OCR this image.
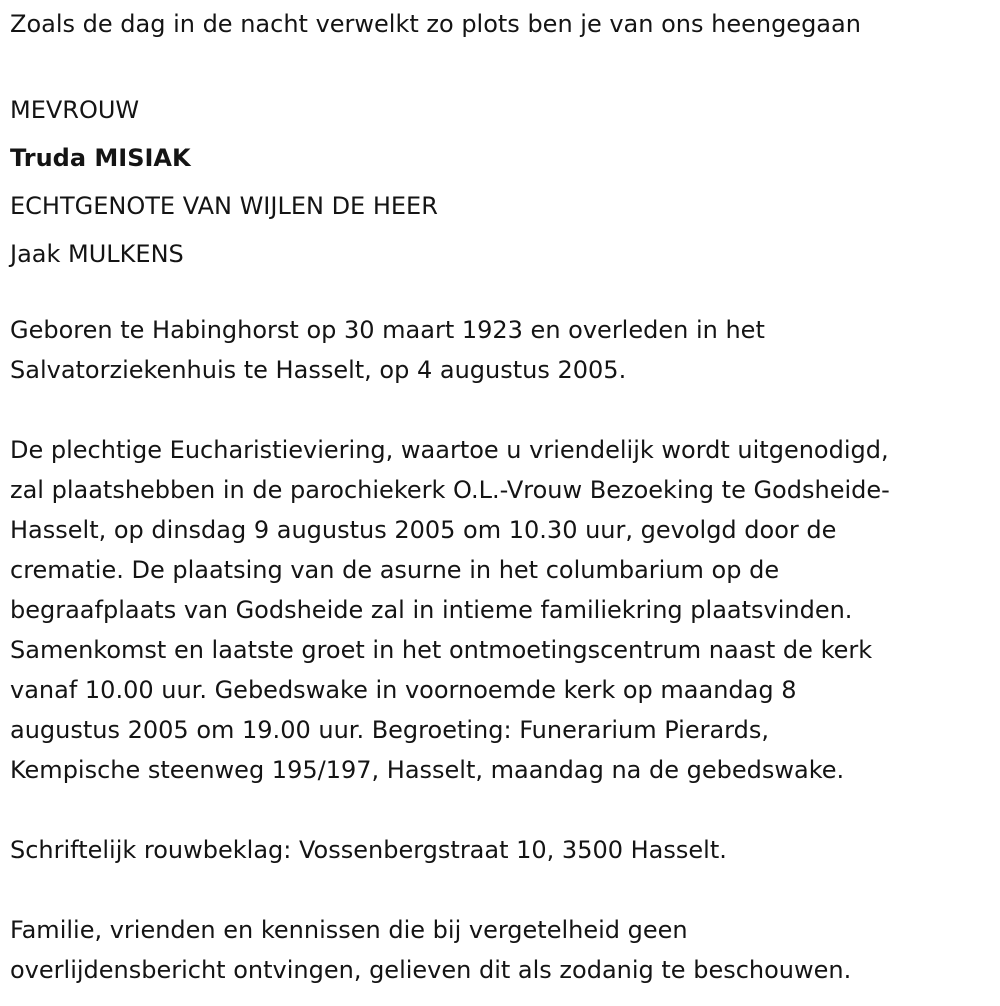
Zoals de dag in de nacht verwelkt zo plots ben je van ons heengegaan
MEVROUW
Truda MISIAK
ECHTGENOTE VAN WIJLEN DE HEER
Jaak MULKENS

Geboren te Habinghorst op 30 maart 1923 en overleden in het
Salvatorziekenhuis te Hasselt, op 4 augustus 2005.

De plechtige Eucharistieviering, waartoe u vriendelijk wordt uitgenodigd,
zal plaatshebben in de parochiekerk O.L.-Vrouw Bezoeking te Godsheide-
Hasselt, op dinsdag 9 augustus 2005 om 10.30 uur, gevolgd door de
crematie. De plaatsing van de asurne in het columbarium op de
begraafplaats van Godsheide zal in intieme familiekring plaatsvinden.
Samenkomst en laatste groet in het ontmoetingscentrum naast de kerk
vanaf 10.00 uur. Gebedswake in voornoemde kerk op maandag 8
augustus 2005 om 19.00 uur. Begroeting: Funerarium Pierards,
Kempische steenweg 195/197, Hasselt, maandag na de gebedswake.

Schriftelijk rouwbeklag: Vossenbergstraat 10, 3500 Hasselt.

Familie, vrienden en kennissen die bij vergetelheid geen
overlijdensbericht ontvingen, gelieven dit als zodanig te beschouwen.
